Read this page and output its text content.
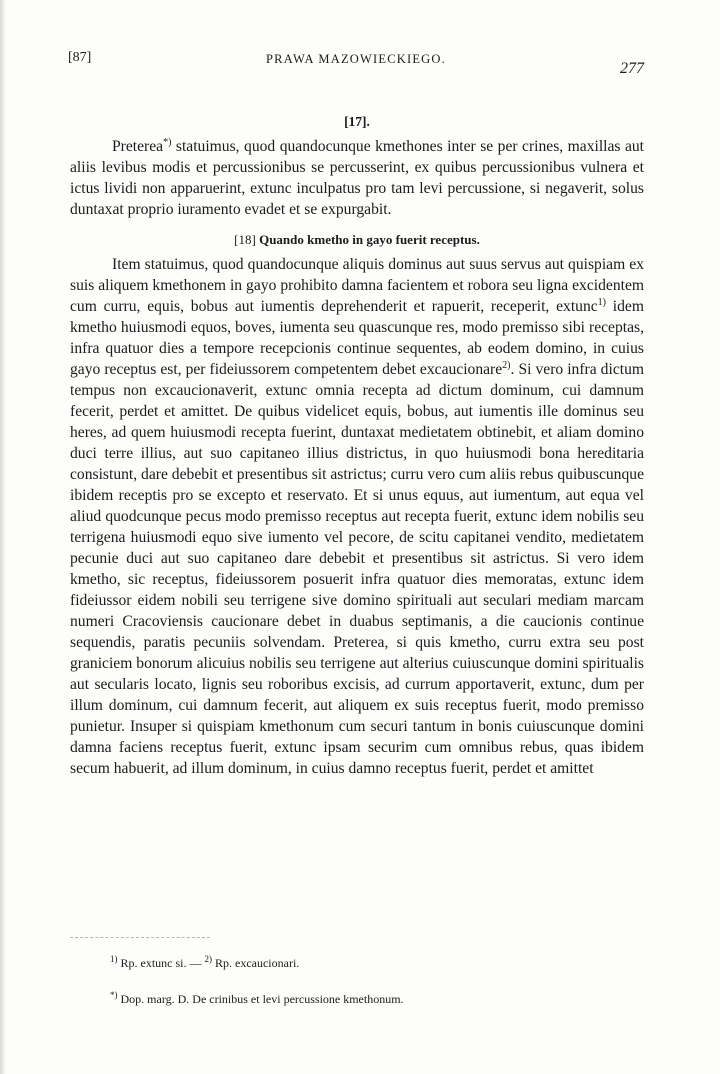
[87]	PRAWA MAZOWIECKIEGO.
277
[17].

Preterea*) statuimus, quod quandocunque kmethones inter se per crines, maxillas aut aliis levibus modis et percussionibus se percusserint, ex quibus percussionibus vulnera et ictus lividi non apparuerint, extunc inculpatus pro tam levi percussione, si negaverit, solus duntaxat proprio iuramento evadet et se expurgabit.

[18] Quando kmetho in gayo fuerit receptus.

Item statuimus, quod quandocunque aliquis dominus aut suus servus aut quispiam ex suis aliquem kmethonem in gayo prohibito damna facientem et robora seu ligna excidentem cum curru, equis, bobus aut iumentis deprehenderit et rapuerit, receperit, extunc$^{1)}$ idem kmetho huiusmodi equos, boves, iumenta seu quascunque res, modo premisso sibi receptas, infra quatuor dies a tempore recepcionis continue sequentes, ab eodem domino, in cuius gayo receptus est, per fideiussorem competentem debet excaucionare$^{2)}$. Si vero infra dictum tempus non excaucionaverit, extunc omnia recepta ad dictum dominum, cui damnum fecerit, perdet et amittet. De quibus videlicet equis, bobus, aut iumentis ille dominus seu heres, ad quem huiusmodi recepta fuerint, duntaxat medietatem obtinebit, et aliam domino duci terre illius, aut suo capitaneo illius districtus, in quo huiusmodi bona hereditaria consistunt, dare debebit et presentibus sit astrictus; curru vero cum aliis rebus quibuscunque ibidem receptis pro se excepto et reservato. Et si unus equus, aut iumentum, aut equa vel aliud quodcunque pecus modo premisso receptus aut recepta fuerit, extunc idem nobilis seu terrigena huiusmodi equo sive iumento vel pecore, de scitu capitanei vendito, medietatem pecunie duci aut suo capitaneo dare debebit et presentibus sit astrictus. Si vero idem kmetho, sic receptus, fideiussorem posuerit infra quatuor dies memoratas, extunc idem fideiussor eidem nobili seu terrigene sive domino spirituali aut seculari mediam marcam numeri Cracoviensis caucionare debet in duabus septimanis, a die caucionis continue sequendis, paratis pecuniis solvendam. Preterea, si quis kmetho, curru extra seu post graniciem bonorum alicuius nobilis seu terrigene aut alterius cuiuscunque domini spiritualis aut secularis locato, lignis seu roboribus excisis, ad currum apportaverit, extunc, dum per illum dominum, cui damnum fecerit, aut aliquem ex suis receptus fuerit, modo premisso punietur. Insuper si quispiam kmethonum cum securi tantum in bonis cuiuscunque domini damna faciens receptus fuerit, extunc ipsam securim cum omnibus rebus, quas ibidem secum habuerit, ad illum dominum, in cuius damno receptus fuerit, perdet et amittet

$^{1)}$ Rp. extunc si. — $^{2)}$ Rp. excaucionari.

*) Dop. marg. D. De crinibus et levi percussione kmethonum.
